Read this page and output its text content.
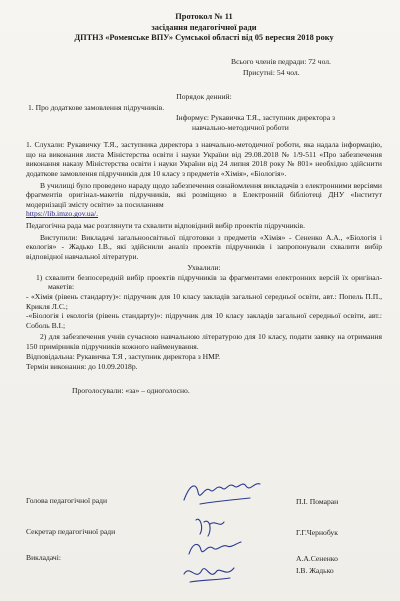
Протокол № 11

засідання педагогічної ради

ДПТНЗ «Роменське ВПУ» Сумської області від 05 вересня 2018 року

Всього членів педради: 72 чол.

Присутні: 54 чол.

Порядок денний:

1. Про додаткове замовлення підручників.

Інформує: Рукавичка Т.Я., заступник директора з

навчально-методичної роботи

1. Слухали: Рукавичку Т.Я., заступника директора з навчально-методичної роботи, яка надала інформацію, що на виконання листа Міністерства освіти і науки України від 29.08.2018 № 1/9-511 «Про забезпечення виконання наказу Міністерства освіти і науки України від 24 липня 2018 року № 801» необхідно здійснити додаткове замовлення підручників для 10 класу з предметів «Хімія», «Біологія».

В училищі було проведено нараду щодо забезпечення ознайомлення викладачів з електронними версіями фрагментів оригінал-макетів підручників, які розміщено в Електронній бібліотеці ДНУ «Інститут модернізації змісту освіти» за посиланням

https://lib.imzo.gov.ua/.

Педагогічна рада має розглянути та схвалити відповідний вибір проектів підручників.

Виступили: Викладачі загальноосвітньої підготовки з предметів «Хімія» - Сененко А.А., «Біологія і екологія» - Жадько І.В., які здійснили аналіз проектів підручників і запропонували схвалити вибір відповідної навчальної літератури.

Ухвалили:

1) схвалити безпосередній вибір проектів підручників за фрагментами електронних версій їх оригінал-макетів:

- «Хімія (рівень стандарту)»: підручник для 10 класу закладів загальної середньої освіти, авт.: Попель П.П., Крикля Л.С.;

-«Біологія і екологія (рівень стандарту)»: підручник для 10 класу закладів загальної середньої освіти, авт.: Соболь В.І.;

2) для забезпечення учнів сучасною навчальною літературою для 10 класу, подати заявку на отримання 150 примірників підручників кожного найменування.

Відповідальна: Рукавичка Т.Я , заступник директора з НМР.

Термін виконання: до 10.09.2018р.

Проголосували: «за» – одноголосно.

Голова педагогічної ради	П.І. Помаран
Секретар педагогічної ради	Г.Г.Чернобук
Викладачі:	А.А.Сененко
І.В. Жадько
